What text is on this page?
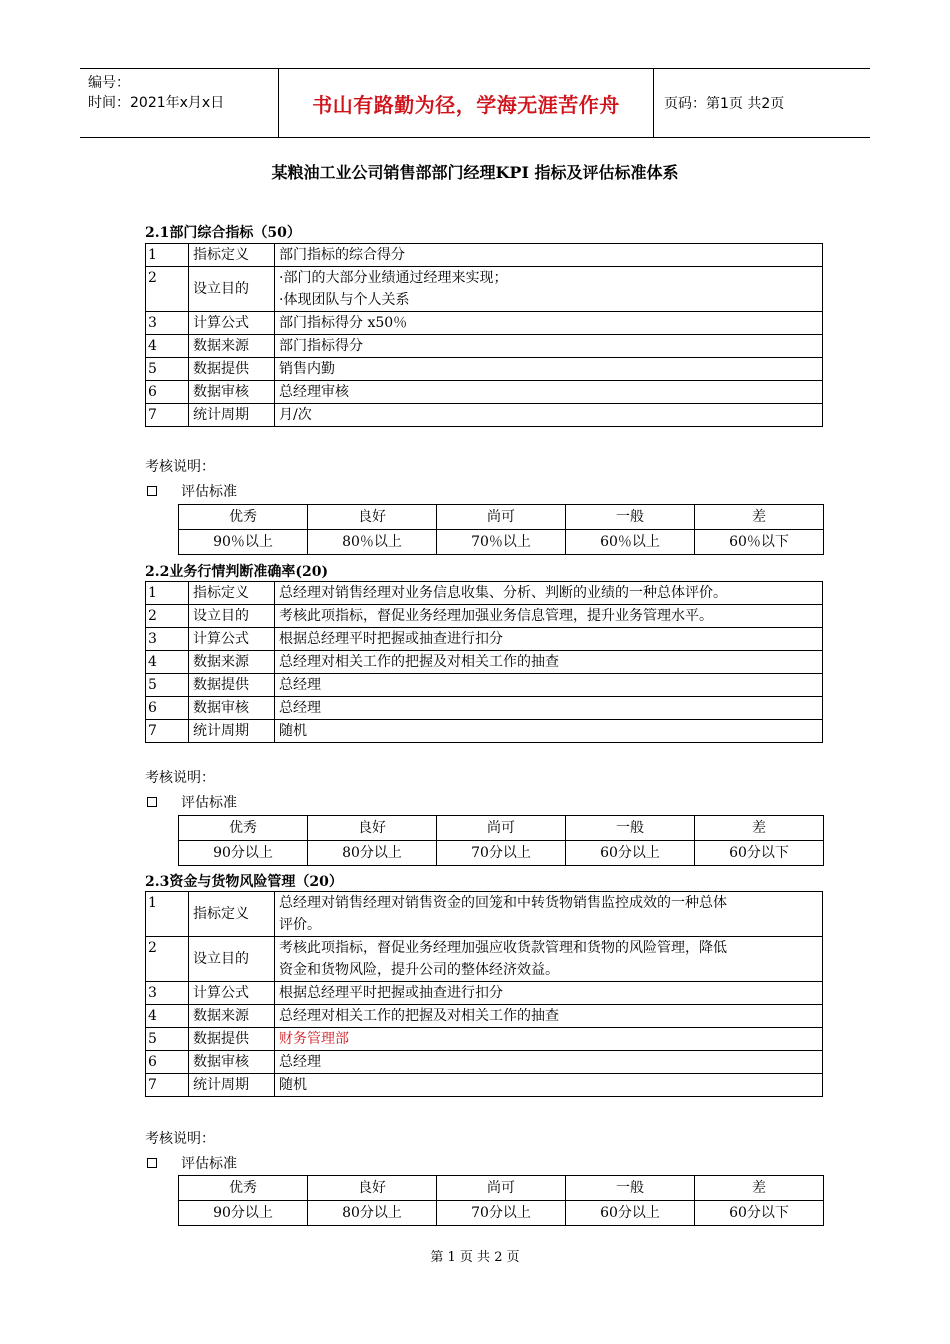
编号：
时间：2021年x月x日	书山有路勤为径，学海无涯苦作舟	页码：第1页 共2页
某粮油工业公司销售部部门经理KPI 指标及评估标准体系
2.1部门综合指标（50）
1	指标定义	部门指标的综合得分

2	设立目的	·部门的大部分业绩通过经理来实现；
·体现团队与个人关系

3	计算公式	部门指标得分 x50％

4	数据来源	部门指标得分

5	数据提供	销售内勤

6	数据审核	总经理审核

7	统计周期	月/次
考核说明：
评估标准
优秀	良好	尚可	一般	差
90％以上	80％以上	70％以上	60％以上	60％以下
2.2业务行情判断准确率(20)
1	指标定义	总经理对销售经理对业务信息收集、分析、判断的业绩的一种总体评价。

2	设立目的	考核此项指标，督促业务经理加强业务信息管理，提升业务管理水平。

3	计算公式	根据总经理平时把握或抽查进行扣分

4	数据来源	总经理对相关工作的把握及对相关工作的抽查

5	数据提供	总经理

6	数据审核	总经理

7	统计周期	随机
考核说明：
评估标准
优秀	良好	尚可	一般	差
90分以上	80分以上	70分以上	60分以上	60分以下
2.3资金与货物风险管理（20）
1	指标定义	总经理对销售经理对销售资金的回笼和中转货物销售监控成效的一种总体
评价。

2	设立目的	考核此项指标，督促业务经理加强应收货款管理和货物的风险管理，降低
资金和货物风险，提升公司的整体经济效益。

3	计算公式	根据总经理平时把握或抽查进行扣分

4	数据来源	总经理对相关工作的把握及对相关工作的抽查

5	数据提供	财务管理部

6	数据审核	总经理

7	统计周期	随机
考核说明：
评估标准
优秀	良好	尚可	一般	差
90分以上	80分以上	70分以上	60分以上	60分以下
第 1 页 共 2 页
